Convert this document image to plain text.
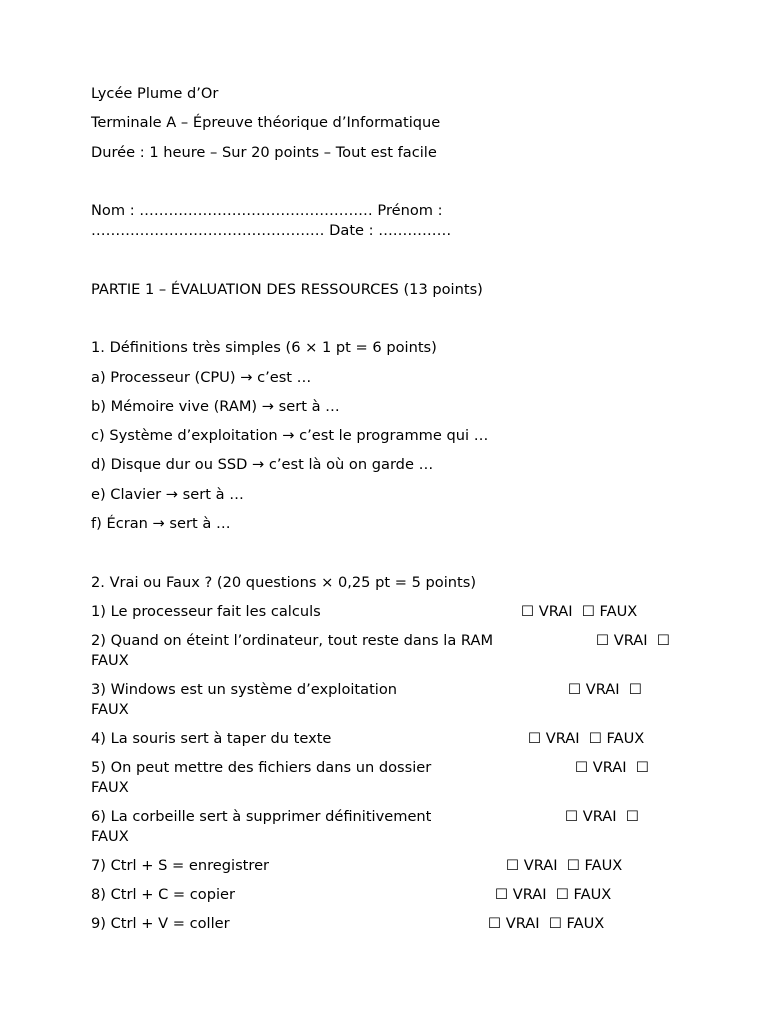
Lycée Plume d’Or
Terminale A – Épreuve théorique d’Informatique
Durée : 1 heure – Sur 20 points – Tout est facile
Nom : ………………………………………… Prénom :
………………………………………… Date : ……………
PARTIE 1 – ÉVALUATION DES RESSOURCES (13 points)
1. Définitions très simples (6 × 1 pt = 6 points)
a) Processeur (CPU) → c’est …
b) Mémoire vive (RAM) → sert à …
c) Système d’exploitation → c’est le programme qui …
d) Disque dur ou SSD → c’est là où on garde …
e) Clavier → sert à …
f) Écran → sert à …
2. Vrai ou Faux ? (20 questions × 0,25 pt = 5 points)
1) Le processeur fait les calculs	☐ VRAI  ☐ FAUX
2) Quand on éteint l’ordinateur, tout reste dans la RAM	☐ VRAI  ☐
FAUX
3) Windows est un système d’exploitation	☐ VRAI  ☐
FAUX
4) La souris sert à taper du texte	☐ VRAI  ☐ FAUX
5) On peut mettre des fichiers dans un dossier	☐ VRAI  ☐
FAUX
6) La corbeille sert à supprimer définitivement	☐ VRAI  ☐
FAUX
7) Ctrl + S = enregistrer	☐ VRAI  ☐ FAUX
8) Ctrl + C = copier	☐ VRAI  ☐ FAUX
9) Ctrl + V = coller	☐ VRAI  ☐ FAUX
